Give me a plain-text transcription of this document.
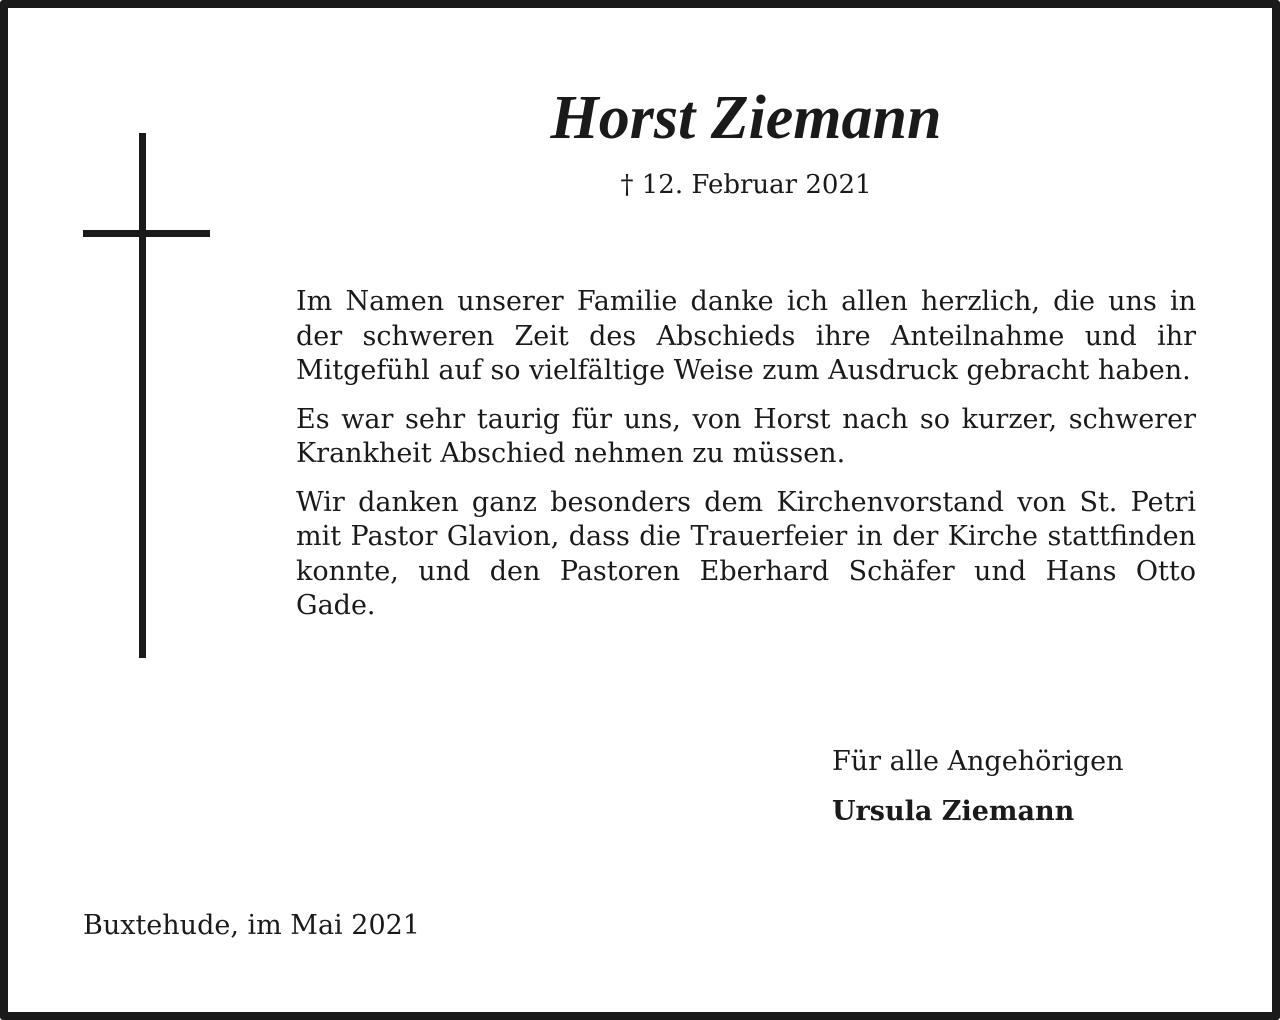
Horst Ziemann
† 12. Februar 2021

Im Namen unserer Familie danke ich allen herzlich, die uns in der schweren Zeit des Abschieds ihre Anteilnahme und ihr Mitgefühl auf so vielfältige Weise zum Ausdruck gebracht haben.

Es war sehr taurig für uns, von Horst nach so kurzer, schwerer Krankheit Abschied nehmen zu müssen.

Wir danken ganz besonders dem Kirchenvorstand von St. Petri mit Pastor Glavion, dass die Trauerfeier in der Kirche stattfinden konnte, und den Pastoren Eberhard Schäfer und Hans Otto Gade.

Für alle Angehörigen
Ursula Ziemann
Buxtehude, im Mai 2021
